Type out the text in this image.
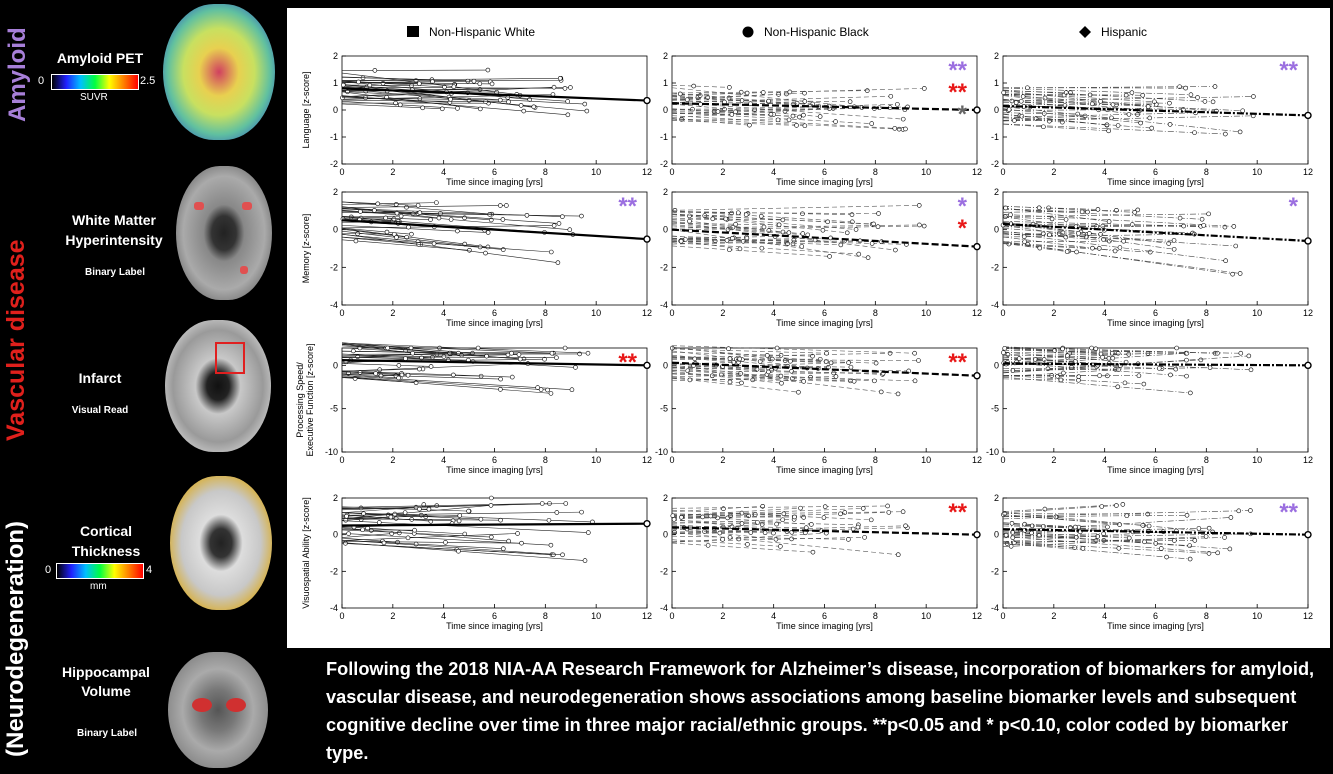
Amyloid
Vascular disease
(Neurodegeneration)
Amyloid PET
0	2.5
SUVR
White Matter
Hyperintensity
Binary Label
Infarct
Visual Read
Cortical
Thickness
0	4
mm
Hippocampal
Volume
Binary Label
Non-Hispanic White	Non-Hispanic Black	Hispanic
Language [z-score]
-2
-1
0
1
2
0	2	4	6	8	10	12
Time since imaging [yrs]
-2
-1
0
1
2
0	2	4	6	8	10	12
Time since imaging [yrs]
**
**
*
-2
-1
0
1
2
0	2	4	6	8	10	12
Time since imaging [yrs]
**
Memory [z-score]
-4
-2
0
2
0	2	4	6	8	10	12
Time since imaging [yrs]
**
-4
-2
0
2
0	2	4	6	8	10	12
Time since imaging [yrs]
*
*
-4
-2
0
2
0	2	4	6	8	10	12
Time since imaging [yrs]
*
Processing Speed/ Executive Function [z-score] -10
-5
0
0	2	4	6	8	10	12
Time since imaging [yrs]
**
-10
-5
0
0	2	4	6	8	10	12
Time since imaging [yrs]
**
-10
-5
0
0	2	4	6	8	10	12
Time since imaging [yrs]
Visuospatial Ability [z-score] -4
-2
0
2
0	2	4	6	8	10	12
Time since imaging [yrs]
-4
-2
0
2
0	2	4	6	8	10	12
Time since imaging [yrs]
**
-4
-2
0
2
0	2	4	6	8	10	12
Time since imaging [yrs]
**
Following the 2018 NIA-AA Research Framework for Alzheimer’s disease, incorporation of biomarkers for amyloid, vascular disease, and neurodegeneration shows associations among baseline biomarker levels and subsequent cognitive decline over time in three major racial/ethnic groups. **p<0.05 and * p<0.10, color coded by biomarker type.
